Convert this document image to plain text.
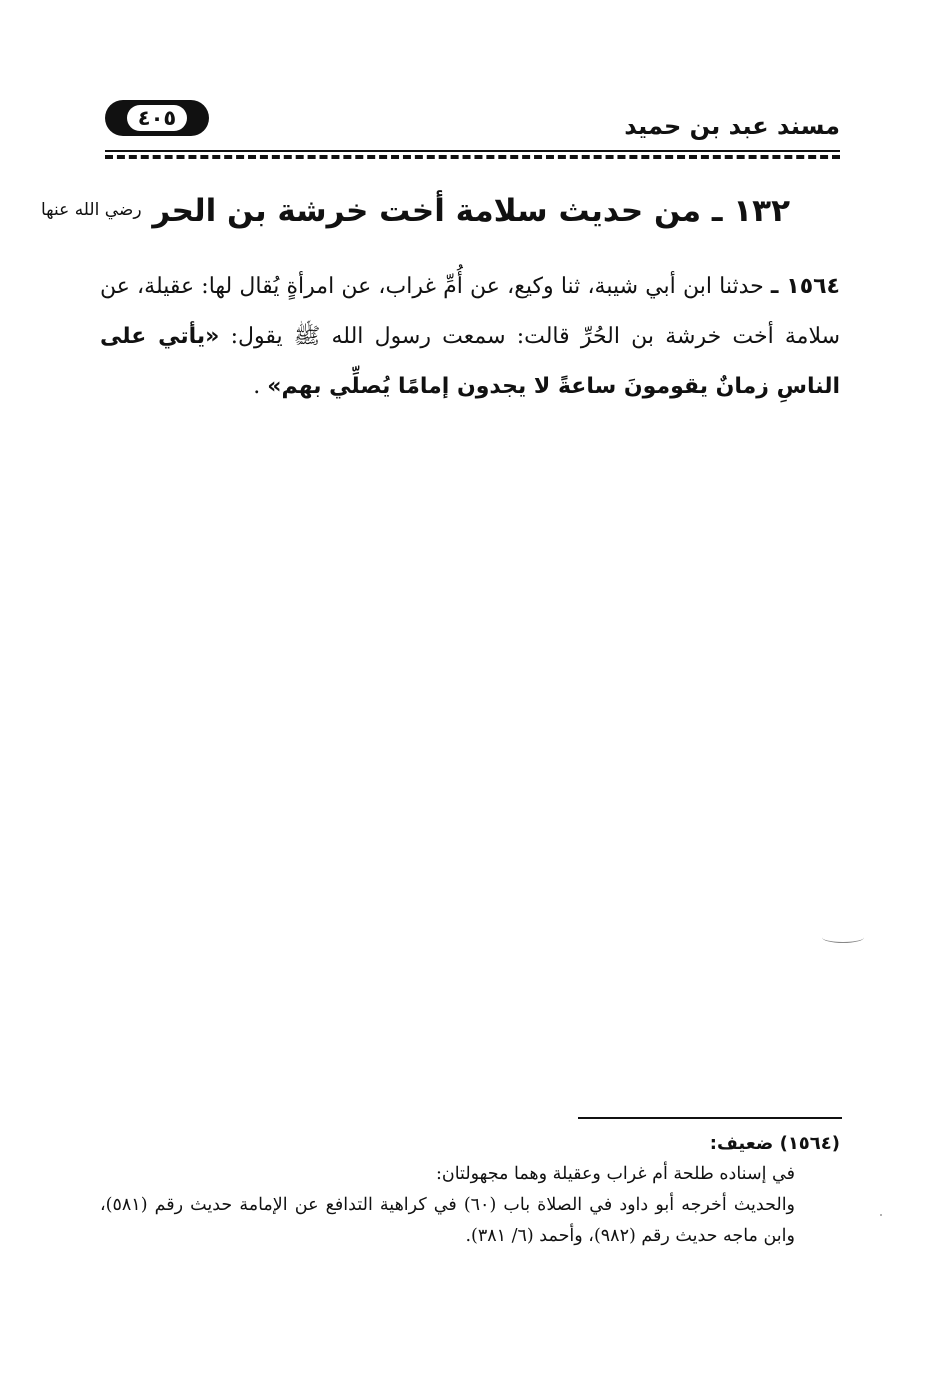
مسند عبد بن حميد
٤٠٥
١٣٢ ـ من حديث سلامة أخت خرشة بن الحر رضي الله عنها
١٥٦٤ ـ حدثنا ابن أبي شيبة، ثنا وكيع، عن أُمِّ غراب، عن امرأةٍ يُقال لها: عقيلة، عن سلامة أخت خرشة بن الحُرِّ قالت: سمعت رسول الله ﷺ يقول: «يأتي على الناسِ زمانٌ يقومونَ ساعةً لا يجدون إمامًا يُصلِّي بهم» .
(١٥٦٤) ضعيف:
في إسناده طلحة أم غراب وعقيلة وهما مجهولتان:
والحديث أخرجه أبو داود في الصلاة باب (٦٠) في كراهية التدافع عن الإمامة حديث رقم (٥٨١)، وابن ماجه حديث رقم (٩٨٢)، وأحمد (٦/ ٣٨١).
